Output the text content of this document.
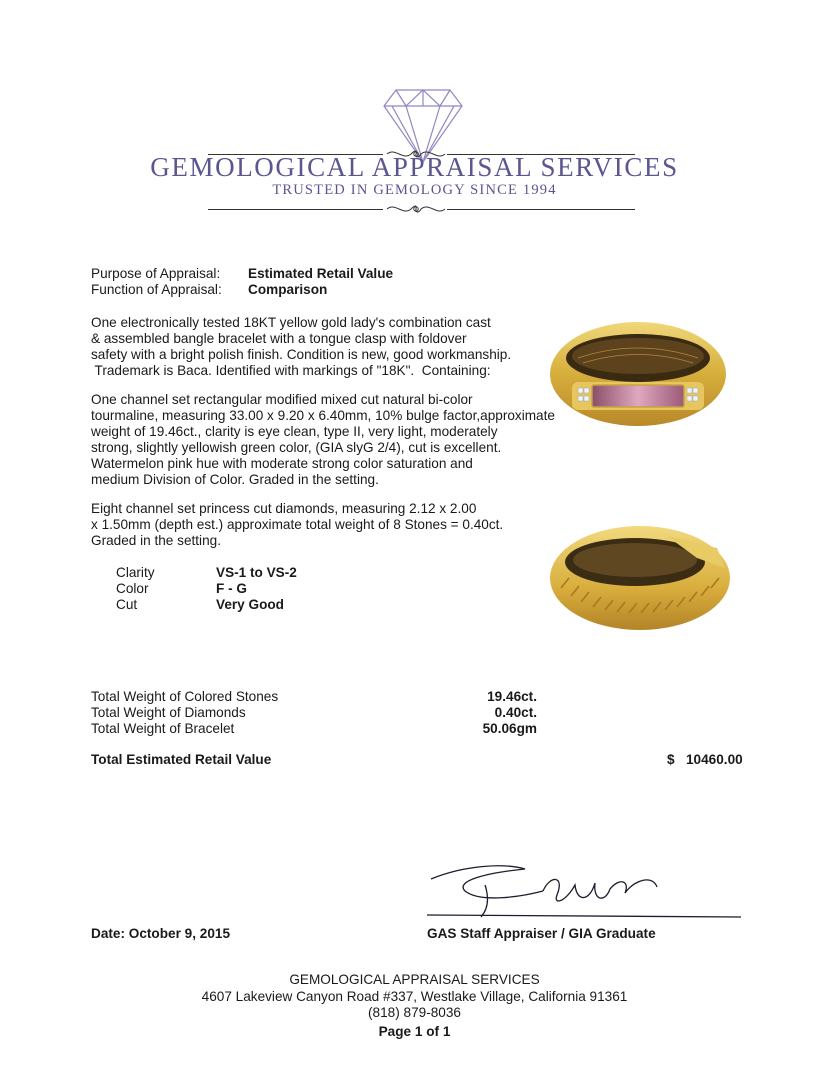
GEMOLOGICAL APPRAISAL SERVICES
TRUSTED IN GEMOLOGY SINCE 1994
Purpose of Appraisal: Estimated Retail Value
Function of Appraisal: Comparison
One electronically tested 18KT yellow gold lady's combination cast
& assembled bangle bracelet with a tongue clasp with foldover
safety with a bright polish finish. Condition is new, good workmanship.
Trademark is Baca. Identified with markings of "18K".  Containing:
One channel set rectangular modified mixed cut natural bi-color
tourmaline, measuring 33.00 x 9.20 x 6.40mm, 10% bulge factor,approximate
weight of 19.46ct., clarity is eye clean, type II, very light, moderately
strong, slightly yellowish green color, (GIA slyG 2/4), cut is excellent.
Watermelon pink hue with moderate strong color saturation and
medium Division of Color. Graded in the setting.
Eight channel set princess cut diamonds, measuring 2.12 x 2.00
x 1.50mm (depth est.) approximate total weight of 8 Stones = 0.40ct.
Graded in the setting.
Clarity	VS-1 to VS-2
Color	F - G
Cut	Very Good
Total Weight of Colored Stones	19.46ct.
Total Weight of Diamonds	0.40ct.
Total Weight of Bracelet	50.06gm
Total Estimated Retail Value	$ 10460.00
Date: October 9, 2015	GAS Staff Appraiser / GIA Graduate
GEMOLOGICAL APPRAISAL SERVICES
4607 Lakeview Canyon Road #337, Westlake Village, California 91361
(818) 879-8036
Page 1 of 1
